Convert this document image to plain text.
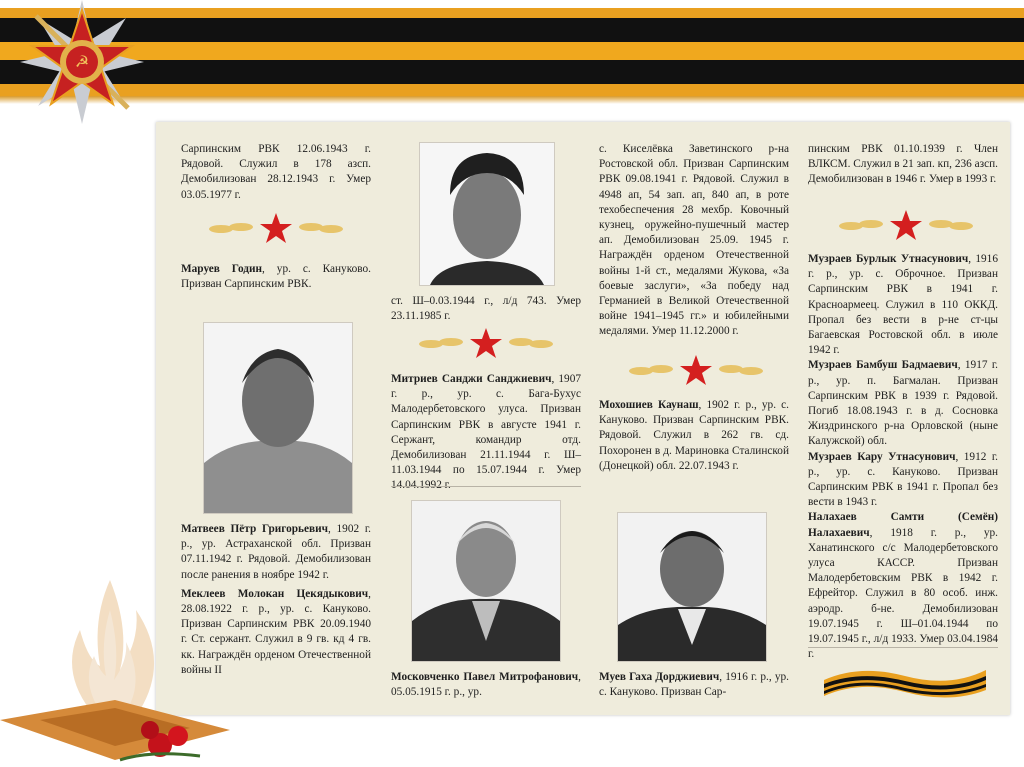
☭

Сарпинским РВК 12.06.1943 г. Рядовой. Служил в 178 азсп. Демобилизован 28.12.1943 г. Умер 03.05.1977 г.

Маруев Годин, ур. с. Кануково. Призван Сарпинским РВК.

Матвеев Пётр Григорьевич, 1902 г. р., ур. Астраханской обл. Призван 07.11.1942 г. Рядовой. Демобилизован после ранения в ноябре 1942 г.

Меклеев Молокан Цекядыкович, 28.08.1922 г. р., ур. с. Кануково. Призван Сарпинским РВК 20.09.1940 г. Ст. сержант. Служил в 9 гв. кд 4 гв. кк. Награждён орденом Отечественной войны II

ст. Ш–0.03.1944 г., л/д 743. Умер 23.11.1985 г.

Митриев Санджи Санджиевич, 1907 г. р., ур. с. Бага-Бухус Малодербетовского улуса. Призван Сарпинским РВК в августе 1941 г. Сержант, командир отд. Демобилизован 21.11.1944 г. Ш–11.03.1944 по 15.07.1944 г. Умер

Московченко Павел Митрофанович, 05.05.1915 г. р., ур.

с. Киселёвка Заветинского р-на Ростовской обл. Призван Сарпинским РВК 09.08.1941 г. Рядовой. Служил в 4948 ап, 54 зап. ап, 840 ап, в роте техобеспечения 28 мехбр. Ковочный кузнец, оружейно-пушечный мастер ап. Демобилизован 25.09. 1945 г. Награждён орденом Отечественной войны 1-й ст., медалями Жукова, «За боевые заслуги», «За победу над Германией в Великой Отечественной войне 1941–1945 гг.» и юбилейными медалями. Умер 11.12.2000 г.

Мохошиев Каунаш, 1902 г. р., ур. с. Кануково. Призван Сарпинским РВК. Рядовой. Служил в 262 гв. сд. Похоронен в д. Мариновка Сталинской (Донецкой) обл. 22.07.1943 г.

Муев Гаха Дорджиевич, 1916 г. р., ур. с. Кануково. Призван Сар-

пинским РВК 01.10.1939 г. Член ВЛКСМ. Служил в 21 зап. кп, 236 азсп. Демобилизован в 1946 г. Умер в 1993 г.

Музраев Бурлык Утнасунович, 1916 г. р., ур. с. Оброчное. Призван Сарпинским РВК в 1941 г. Красноармеец. Служил в 110 ОККД. Пропал без вести в р-не ст-цы Багаевская Ростовской обл. в июле 1942 г.

Музраев Бамбуш Бадмаевич, 1917 г. р., ур. п. Багмалан. Призван Сарпинским РВК в 1939 г. Рядовой. Погиб 18.08.1943 г. в д. Сосновка Жиздринского р-на Орловской (ныне Калужской) обл.

Музраев Кару Утнасунович, 1912 г. р., ур. с. Кануково. Призван Сарпинским РВК в 1941 г. Пропал без вести в 1943 г.

Налахаев Самти (Семён) Налахаевич, 1918 г. р., ур. Ханатинского с/с Малодербетовского улуса КАССР. Призван Малодербетовским РВК в 1942 г. Ефрейтор. Служил в 80 особ. инж. аэродр. б-не. Демобилизован 19.07.1945 г. Ш–01.04.1944 по 19.07.1945 г., л/д 1933. Умер 03.04.1984 г.
